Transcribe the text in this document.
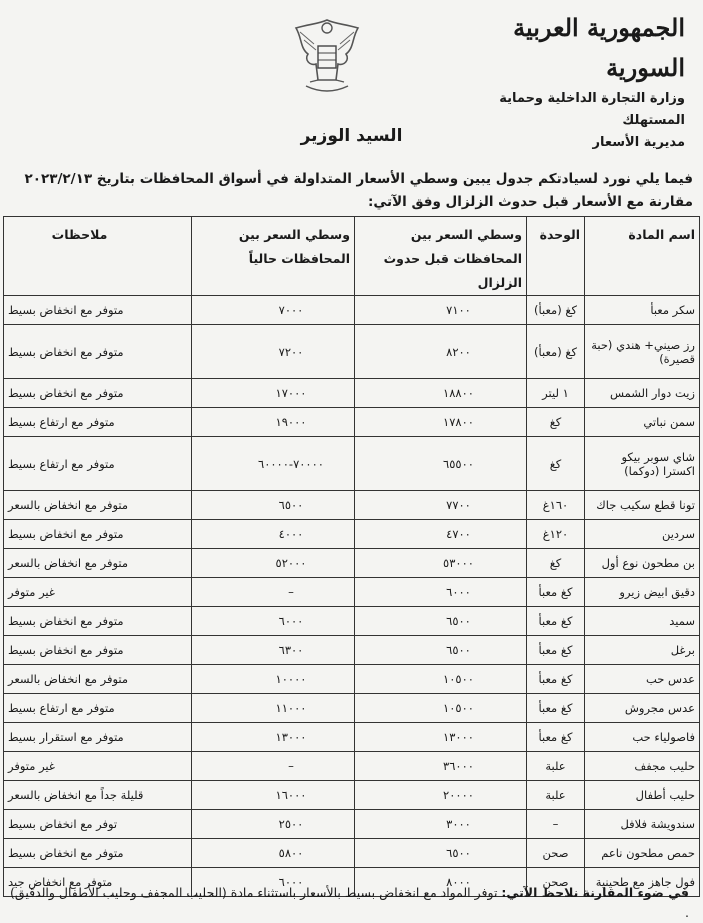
الجمهورية العربية السورية
وزارة التجارة الداخلية وحماية المستهلك
مديرية الأسعار
السيد الوزير
فيما يلي نورد لسيادتكم جدول يبين وسطي الأسعار المتداولة في أسواق المحافظات بتاريخ ٢٠٢٣/٢/١٣ مقارنة مع الأسعار قبل حدوث الزلزال وفق الآتي:
اسم المادة	الوحدة	وسطي السعر بين المحافظات قبل حدوث الزلزال	وسطي السعر بين المحافظات حالياً	ملاحظات
سكر معبأ	كغ (معبأ)	٧١٠٠	٧٠٠٠	متوفر مع انخفاض بسيط
رز صيني+ هندي (حبة قصيرة)	كغ (معبأ)	٨٢٠٠	٧٢٠٠	متوفر مع انخفاض بسيط
زيت دوار الشمس	١ ليتر	١٨٨٠٠	١٧٠٠٠	متوفر مع انخفاض بسيط
سمن نباتي	كغ	١٧٨٠٠	١٩٠٠٠	متوفر مع ارتفاع بسيط
شاي سوبر بيكو اكسترا (دوكما)	كغ	٦٥٥٠٠	٧٠٠٠٠-٦٠٠٠٠	متوفر مع ارتفاع بسيط
تونا قطع سكيب جاك	١٦٠غ	٧٧٠٠	٦٥٠٠	متوفر مع انخفاض بالسعر
سردين	١٢٠غ	٤٧٠٠	٤٠٠٠	متوفر مع انخفاض بسيط
بن مطحون نوع أول	كغ	٥٣٠٠٠	٥٢٠٠٠	متوفر مع انخفاض بالسعر
دقيق ابيض زيرو	كغ معبأ	٦٠٠٠	–	غير متوفر
سميد	كغ معبأ	٦٥٠٠	٦٠٠٠	متوفر مع انخفاض بسيط
برغل	كغ معبأ	٦٥٠٠	٦٣٠٠	متوفر مع انخفاض بسيط
عدس حب	كغ معبأ	١٠٥٠٠	١٠٠٠٠	متوفر مع انخفاض بالسعر
عدس مجروش	كغ معبأ	١٠٥٠٠	١١٠٠٠	متوفر مع ارتفاع بسيط
فاصولياء حب	كغ معبأ	١٣٠٠٠	١٣٠٠٠	متوفر مع استقرار بسيط
حليب مجفف	علبة	٣٦٠٠٠	–	غير متوفر
حليب أطفال	علبة	٢٠٠٠٠	١٦٠٠٠	قليلة جداً مع انخفاض بالسعر
سندويشة فلافل	–	٣٠٠٠	٢٥٠٠	توفر مع انخفاض بسيط
حمص مطحون ناعم	صحن	٦٥٠٠	٥٨٠٠	متوفر مع انخفاض بسيط
فول جاهز مع طحينية	صحن	٨٠٠٠	٦٠٠٠	متوفر مع انخفاض جيد
في ضوء المقارنة نلاحظ الآتي: توفر المواد مع انخفاض بسيط بالأسعار باستثناء مادة (الحليب المجفف وحليب الأطفال والدقيق) .
